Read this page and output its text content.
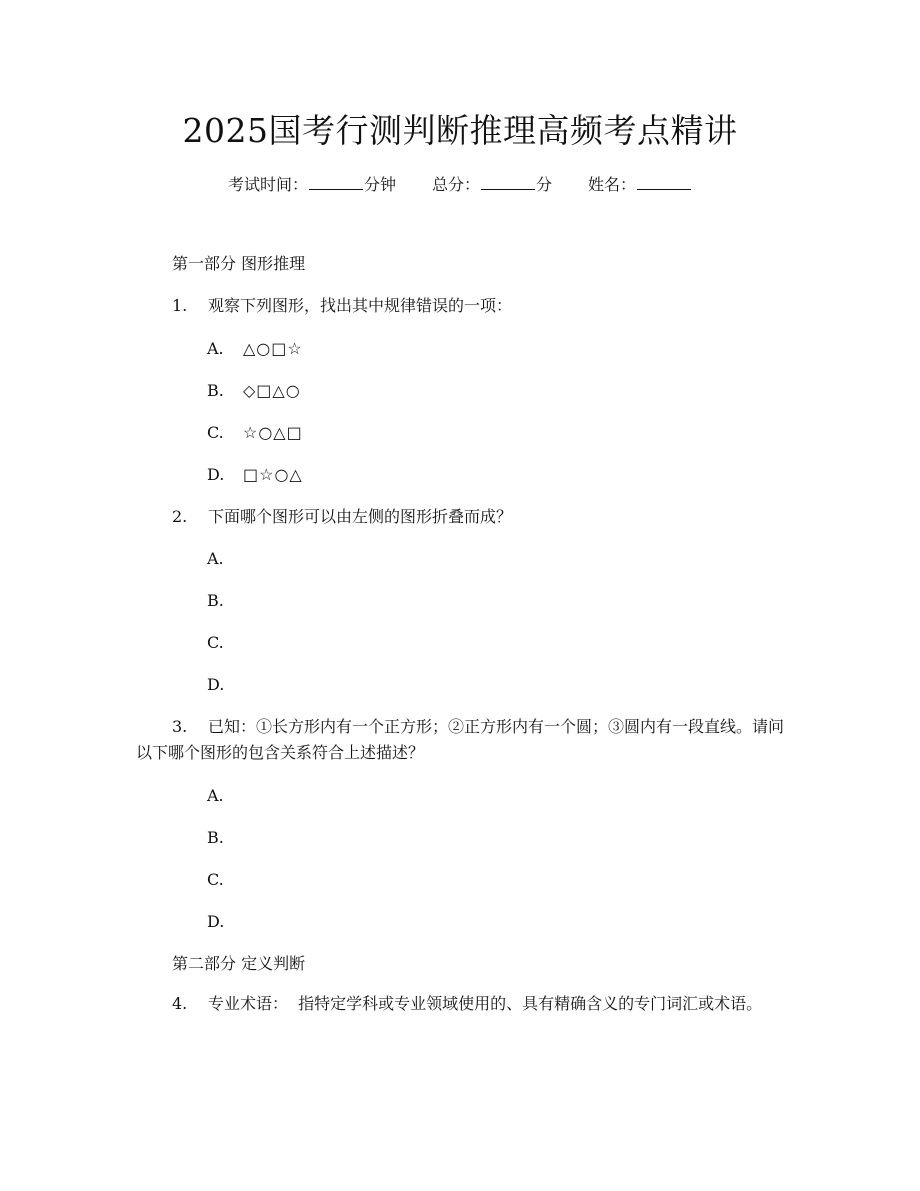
2025国考行测判断推理高频考点精讲
考试时间：	分钟 总分：	分 姓名：
第一部分 图形推理
1. 观察下列图形，找出其中规律错误的一项：
A. △○□☆
B. ◇□△○
C. ☆○△□
D. □☆○△
2. 下面哪个图形可以由左侧的图形折叠而成？
A.
B.
C.
D.
3. 已知：①长方形内有一个正方形；②正方形内有一个圆；③圆内有一段直线。请问以下哪个图形的包含关系符合上述描述？
A.
B.
C.
D.
第二部分 定义判断
4. 专业术语：  指特定学科或专业领域使用的、具有精确含义的专门词汇或术语。
